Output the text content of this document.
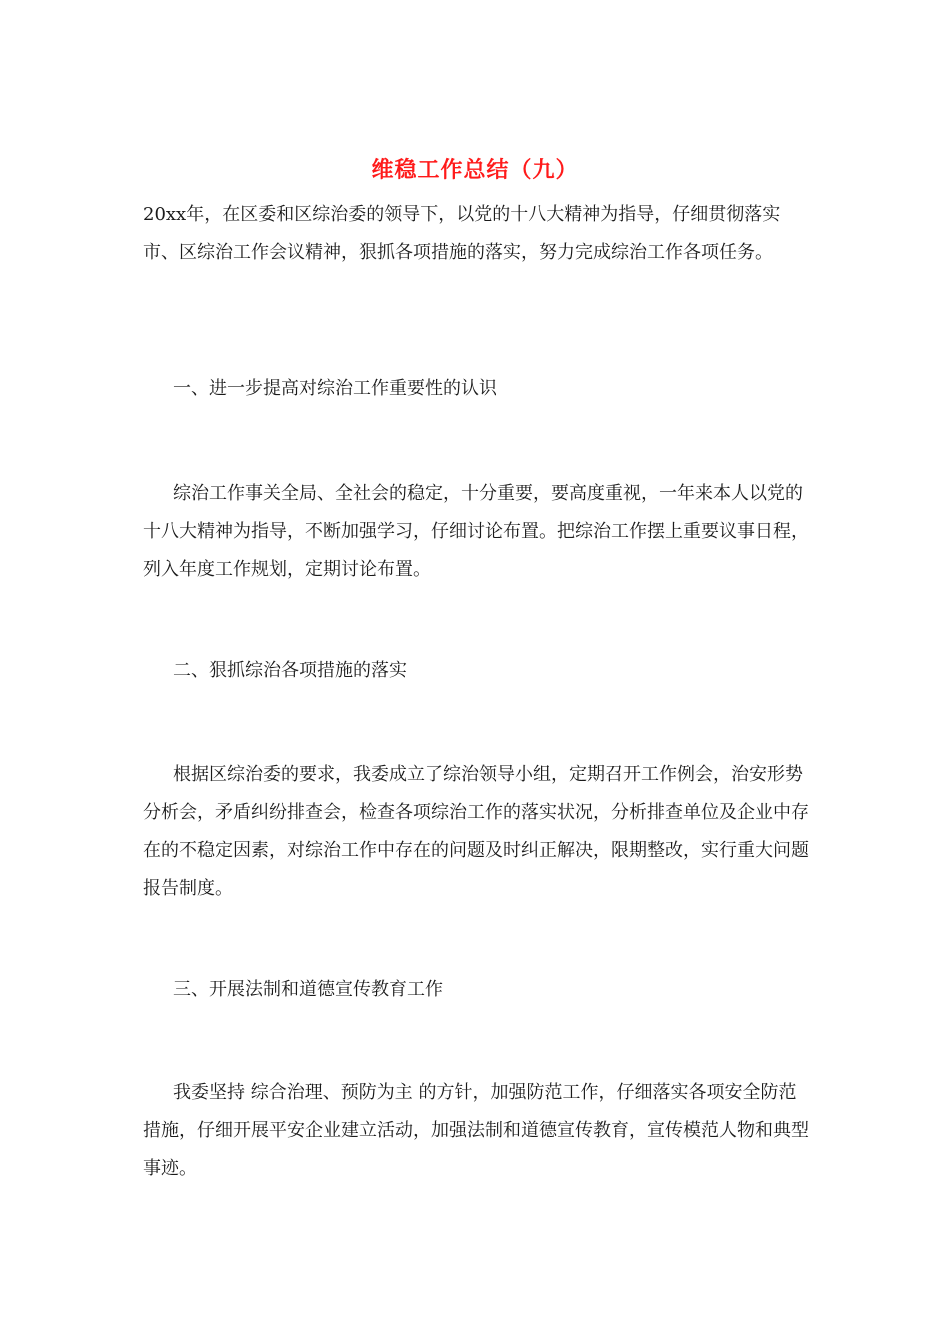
维稳工作总结（九）

20xx年，在区委和区综治委的领导下，以党的十八大精神为指导，仔细贯彻落实市、区综治工作会议精神，狠抓各项措施的落实，努力完成综治工作各项任务。

一、进一步提高对综治工作重要性的认识

综治工作事关全局、全社会的稳定，十分重要，要高度重视，一年来本人以党的十八大精神为指导，不断加强学习，仔细讨论布置。把综治工作摆上重要议事日程，列入年度工作规划，定期讨论布置。

二、狠抓综治各项措施的落实

根据区综治委的要求，我委成立了综治领导小组，定期召开工作例会，治安形势分析会，矛盾纠纷排查会，检查各项综治工作的落实状况，分析排查单位及企业中存在的不稳定因素，对综治工作中存在的问题及时纠正解决，限期整改，实行重大问题报告制度。

三、开展法制和道德宣传教育工作

我委坚持 综合治理、预防为主 的方针，加强防范工作，仔细落实各项安全防范措施，仔细开展平安企业建立活动，加强法制和道德宣传教育，宣传模范人物和典型事迹。
